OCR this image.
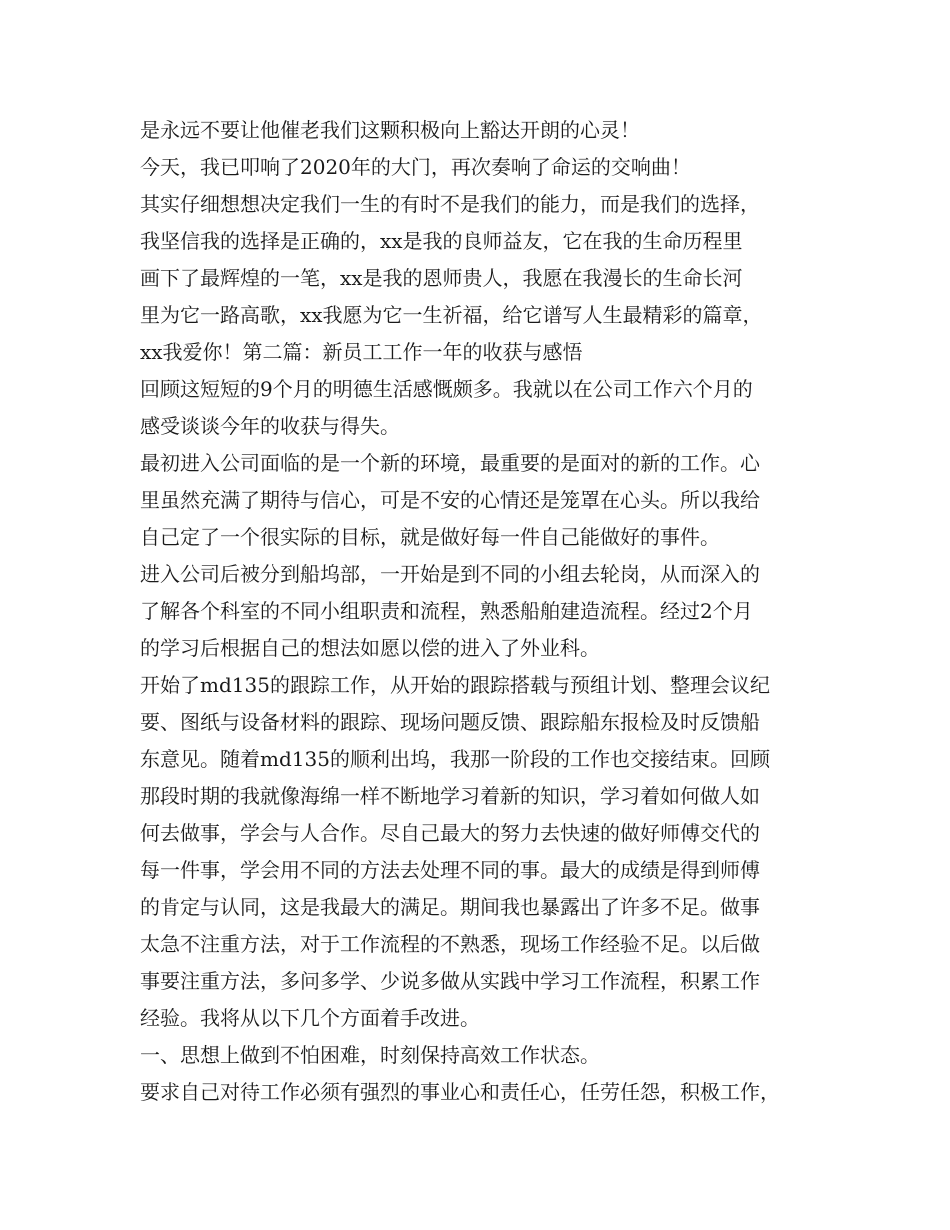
是永远不要让他催老我们这颗积极向上豁达开朗的心灵！
今天，我已叩响了2020年的大门，再次奏响了命运的交响曲！
其实仔细想想决定我们一生的有时不是我们的能力，而是我们的选择，
我坚信我的选择是正确的，xx是我的良师益友，它在我的生命历程里
画下了最辉煌的一笔，xx是我的恩师贵人，我愿在我漫长的生命长河
里为它一路高歌，xx我愿为它一生祈福，给它谱写人生最精彩的篇章，
xx我爱你！第二篇：新员工工作一年的收获与感悟
回顾这短短的9个月的明德生活感慨颇多。我就以在公司工作六个月的
感受谈谈今年的收获与得失。
最初进入公司面临的是一个新的环境，最重要的是面对的新的工作。心
里虽然充满了期待与信心，可是不安的心情还是笼罩在心头。所以我给
自己定了一个很实际的目标，就是做好每一件自己能做好的事件。
进入公司后被分到船坞部，一开始是到不同的小组去轮岗，从而深入的
了解各个科室的不同小组职责和流程，熟悉船舶建造流程。经过2个月
的学习后根据自己的想法如愿以偿的进入了外业科。
开始了md135的跟踪工作，从开始的跟踪搭载与预组计划、整理会议纪
要、图纸与设备材料的跟踪、现场问题反馈、跟踪船东报检及时反馈船
东意见。随着md135的顺利出坞，我那一阶段的工作也交接结束。回顾
那段时期的我就像海绵一样不断地学习着新的知识，学习着如何做人如
何去做事，学会与人合作。尽自己最大的努力去快速的做好师傅交代的
每一件事，学会用不同的方法去处理不同的事。最大的成绩是得到师傅
的肯定与认同，这是我最大的满足。期间我也暴露出了许多不足。做事
太急不注重方法，对于工作流程的不熟悉，现场工作经验不足。以后做
事要注重方法，多问多学、少说多做从实践中学习工作流程，积累工作
经验。我将从以下几个方面着手改进。
一、思想上做到不怕困难，时刻保持高效工作状态。
要求自己对待工作必须有强烈的事业心和责任心，任劳任怨，积极工作，
